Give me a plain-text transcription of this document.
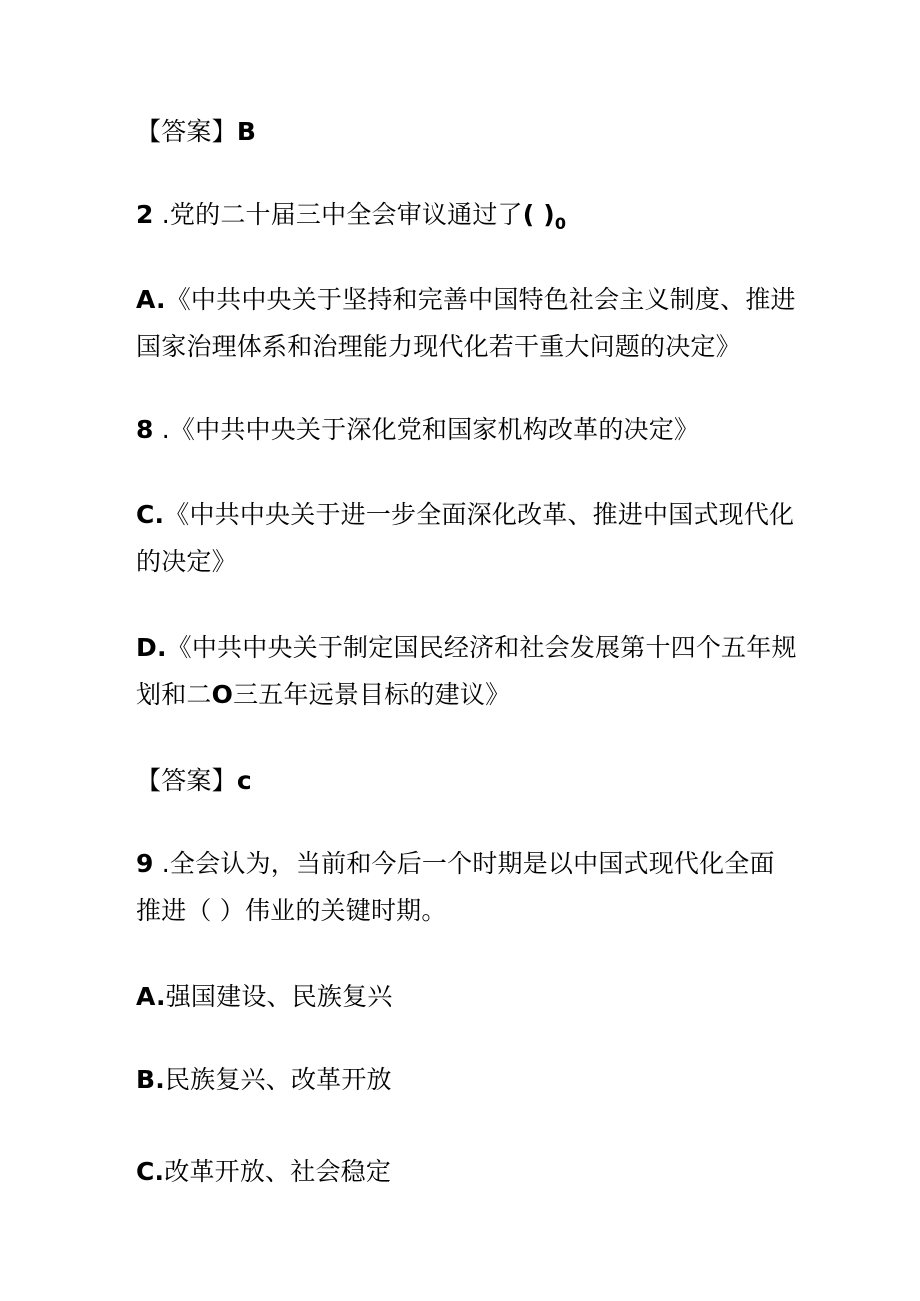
【答案】B
2 .党的二十届三中全会审议通过了( )$_0$
A.《中共中央关于坚持和完善中国特色社会主义制度、推进
国家治理体系和治理能力现代化若干重大问题的决定》
8 .《中共中央关于深化党和国家机构改革的决定》
C.《中共中央关于进一步全面深化改革、推进中国式现代化
的决定》
D.《中共中央关于制定国民经济和社会发展第十四个五年规
划和二O三五年远景目标的建议》
【答案】c
9 .全会认为，当前和今后一个时期是以中国式现代化全面
推进（ ）伟业的关键时期。
A.强国建设、民族复兴
B.民族复兴、改革开放
C.改革开放、社会稳定
